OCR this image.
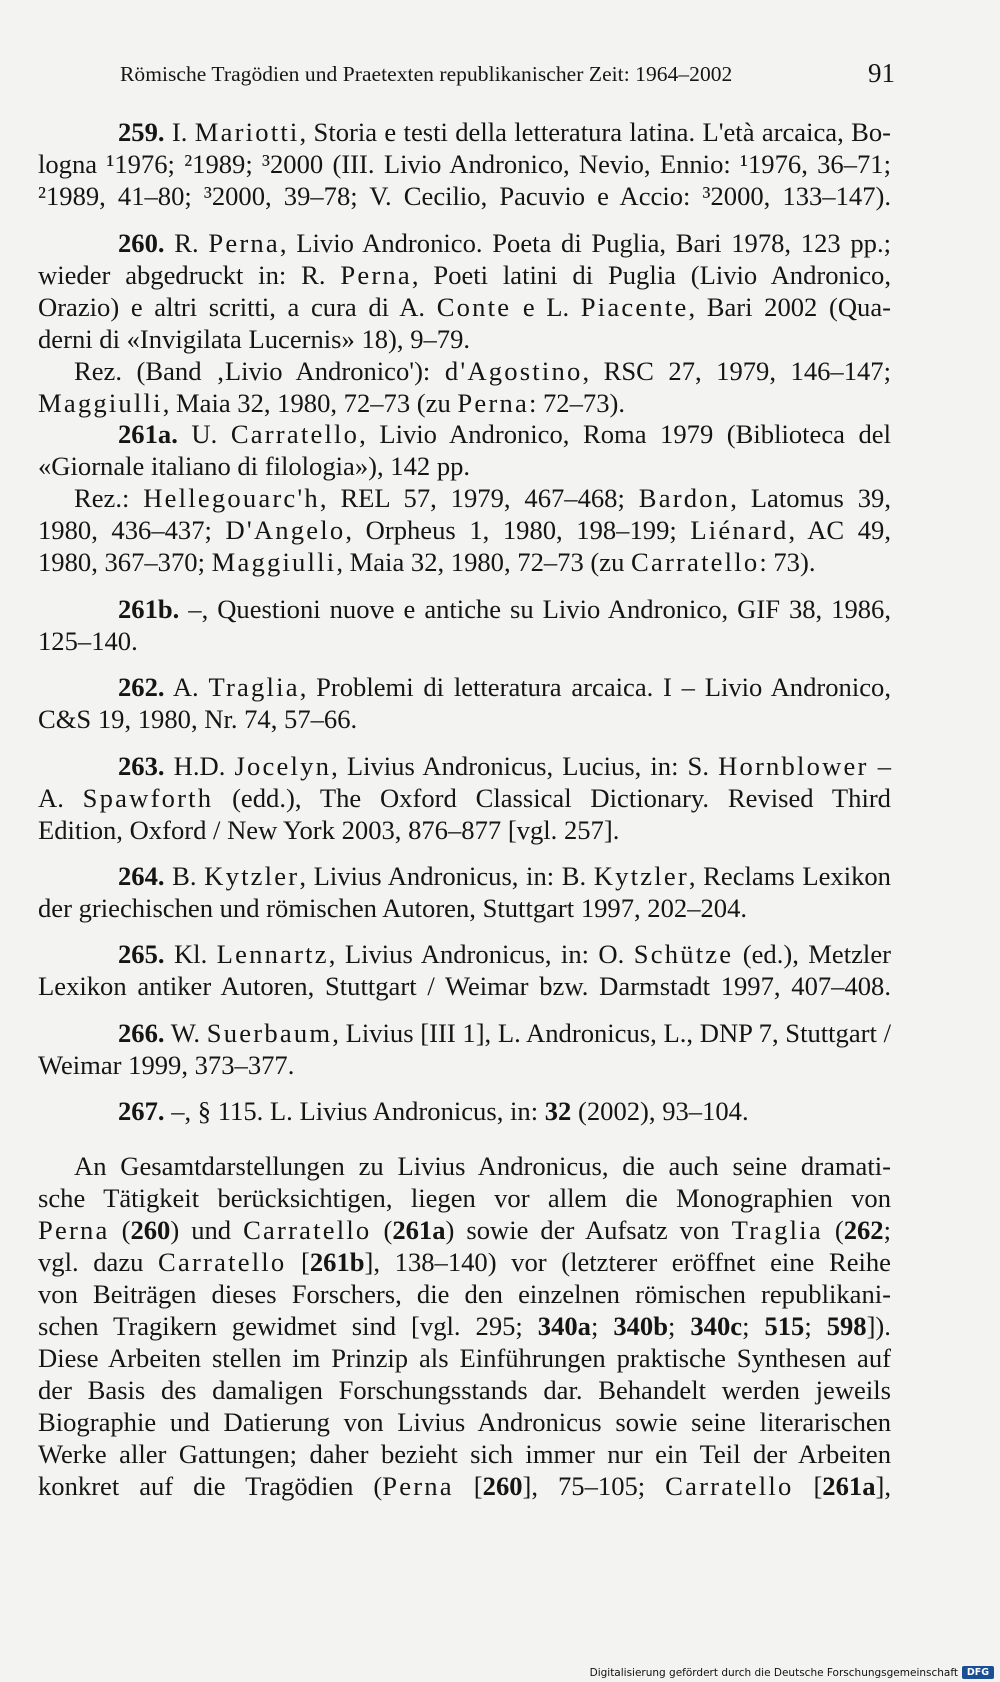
Römische Tragödien und Praetexten republikanischer Zeit: 1964–2002	91
259. I. Mariotti, Storia e testi della letteratura latina. L'età arcaica, Bo-
logna ¹1976; ²1989; ³2000 (III. Livio Andronico, Nevio, Ennio: ¹1976, 36–71;
²1989, 41–80; ³2000, 39–78; V. Cecilio, Pacuvio e Accio: ³2000, 133–147).
260. R. Perna, Livio Andronico. Poeta di Puglia, Bari 1978, 123 pp.;
wieder abgedruckt in: R. Perna, Poeti latini di Puglia (Livio Andronico,
Orazio) e altri scritti, a cura di A. Conte e L. Piacente, Bari 2002 (Qua-
derni di «Invigilata Lucernis» 18), 9–79.
Rez. (Band ‚Livio Andronico'): d'Agostino, RSC 27, 1979, 146–147;
Maggiulli, Maia 32, 1980, 72–73 (zu Perna: 72–73).
261a. U. Carratello, Livio Andronico, Roma 1979 (Biblioteca del
«Giornale italiano di filologia»), 142 pp.
Rez.: Hellegouarc'h, REL 57, 1979, 467–468; Bardon, Latomus 39,
1980, 436–437; D'Angelo, Orpheus 1, 1980, 198–199; Liénard, AC 49,
1980, 367–370; Maggiulli, Maia 32, 1980, 72–73 (zu Carratello: 73).
261b. –, Questioni nuove e antiche su Livio Andronico, GIF 38, 1986,
125–140.
262. A. Traglia, Problemi di letteratura arcaica. I – Livio Andronico,
C&S 19, 1980, Nr. 74, 57–66.
263. H.D. Jocelyn, Livius Andronicus, Lucius, in: S. Hornblower –
A. Spawforth (edd.), The Oxford Classical Dictionary. Revised Third
Edition, Oxford / New York 2003, 876–877 [vgl. 257].
264. B. Kytzler, Livius Andronicus, in: B. Kytzler, Reclams Lexikon
der griechischen und römischen Autoren, Stuttgart 1997, 202–204.
265. Kl. Lennartz, Livius Andronicus, in: O. Schütze (ed.), Metzler
Lexikon antiker Autoren, Stuttgart / Weimar bzw. Darmstadt 1997, 407–408.
266. W. Suerbaum, Livius [III 1], L. Andronicus, L., DNP 7, Stuttgart /
Weimar 1999, 373–377.
267. –, § 115. L. Livius Andronicus, in: 32 (2002), 93–104.
An Gesamtdarstellungen zu Livius Andronicus, die auch seine dramati-
sche Tätigkeit berücksichtigen, liegen vor allem die Monographien von
Perna (260) und Carratello (261a) sowie der Aufsatz von Traglia (262;
vgl. dazu Carratello [261b], 138–140) vor (letzterer eröffnet eine Reihe
von Beiträgen dieses Forschers, die den einzelnen römischen republikani-
schen Tragikern gewidmet sind [vgl. 295; 340a; 340b; 340c; 515; 598]).
Diese Arbeiten stellen im Prinzip als Einführungen praktische Synthesen auf
der Basis des damaligen Forschungsstands dar. Behandelt werden jeweils
Biographie und Datierung von Livius Andronicus sowie seine literarischen
Werke aller Gattungen; daher bezieht sich immer nur ein Teil der Arbeiten
konkret auf die Tragödien (Perna [260], 75–105; Carratello [261a],
Digitalisierung gefördert durch die Deutsche Forschungsgemeinschaft DFG
